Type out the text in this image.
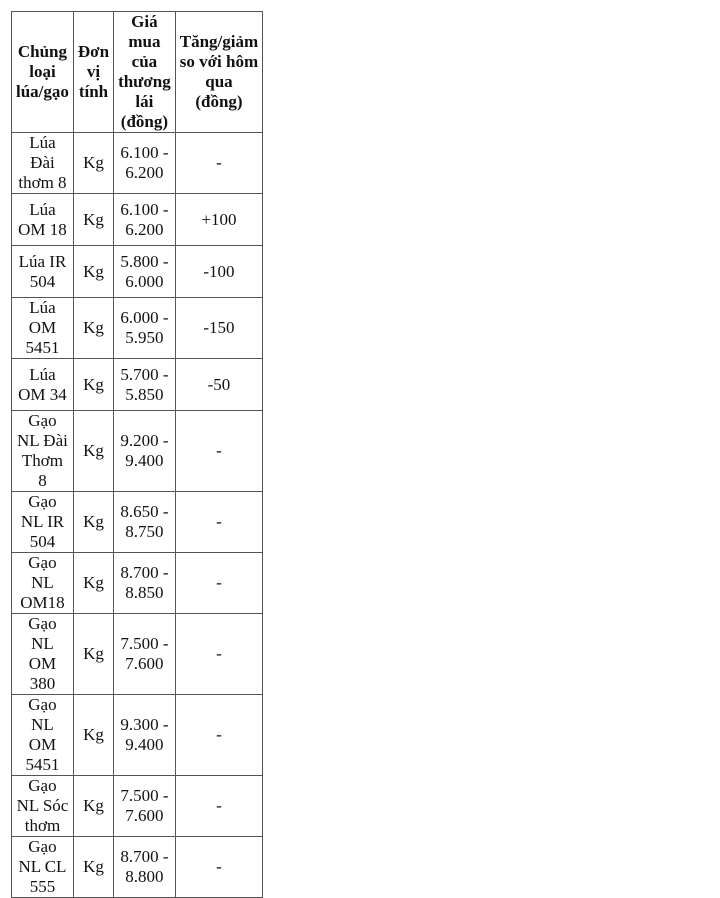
Chủng loại lúa/gạo	Đơn vị tính	Giá mua của thương lái (đồng)	Tăng/giảm so với hôm qua (đồng)
Lúa Đài thơm 8	Kg	6.100 - 6.200	-
Lúa OM 18	Kg	6.100 - 6.200	+100
Lúa IR 504	Kg	5.800 - 6.000	-100
Lúa OM 5451	Kg	6.000 - 5.950	-150
Lúa OM 34	Kg	5.700 - 5.850	-50
Gạo NL Đài Thơm 8	Kg	9.200 - 9.400	-
Gạo NL IR 504	Kg	8.650 - 8.750	-
Gạo NL OM18	Kg	8.700 - 8.850	-
Gạo NL OM 380	Kg	7.500 - 7.600	-
Gạo NL OM 5451	Kg	9.300 - 9.400	-
Gạo NL Sóc thơm	Kg	7.500 - 7.600	-
Gạo NL CL 555	Kg	8.700 - 8.800	-
